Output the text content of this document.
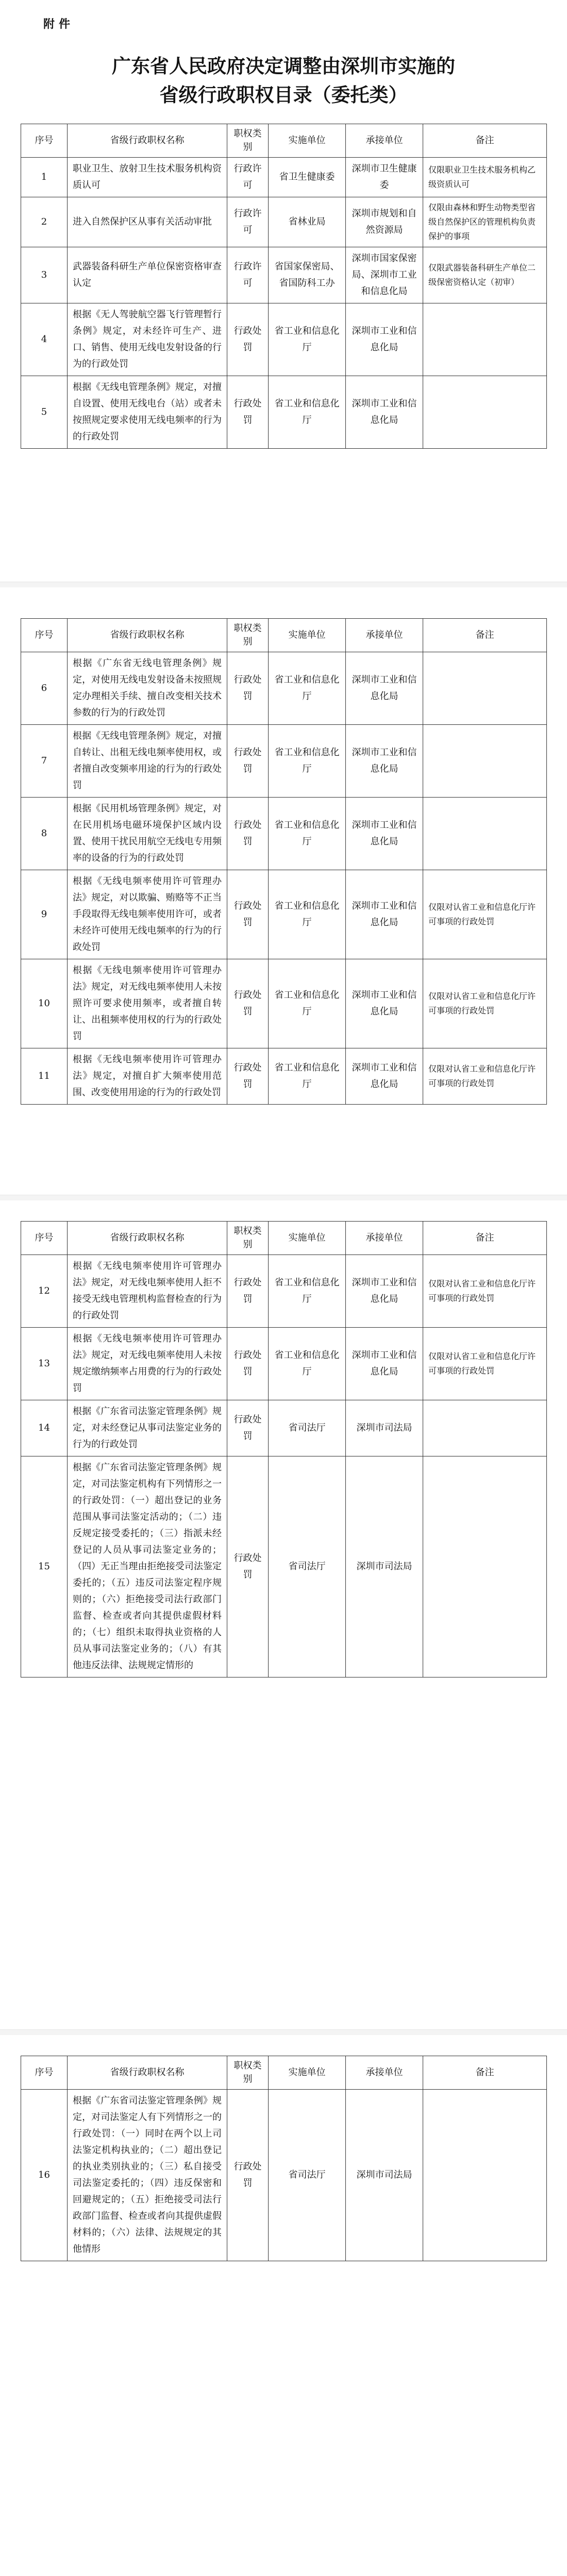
附件
广东省人民政府决定调整由深圳市实施的
省级行政职权目录（委托类）
序号	省级行政职权名称	职权类别	实施单位	承接单位	备注
1	职业卫生、放射卫生技术服务机构资质认可	行政许可	省卫生健康委	深圳市卫生健康委	仅限职业卫生技术服务机构乙级资质认可
2	进入自然保护区从事有关活动审批	行政许可	省林业局	深圳市规划和自然资源局	仅限由森林和野生动物类型省级自然保护区的管理机构负责保护的事项
3	武器装备科研生产单位保密资格审查认定	行政许可	省国家保密局、省国防科工办	深圳市国家保密局、深圳市工业和信息化局	仅限武器装备科研生产单位二级保密资格认定（初审）
4	根据《无人驾驶航空器飞行管理暂行条例》规定，对未经许可生产、进口、销售、使用无线电发射设备的行为的行政处罚	行政处罚	省工业和信息化厅	深圳市工业和信息化局	
5	根据《无线电管理条例》规定，对擅自设置、使用无线电台（站）或者未按照规定要求使用无线电频率的行为的行政处罚	行政处罚	省工业和信息化厅	深圳市工业和信息化局	
序号	省级行政职权名称	职权类别	实施单位	承接单位	备注
6	根据《广东省无线电管理条例》规定，对使用无线电发射设备未按照规定办理相关手续、擅自改变相关技术参数的行为的行政处罚	行政处罚	省工业和信息化厅	深圳市工业和信息化局	
7	根据《无线电管理条例》规定，对擅自转让、出租无线电频率使用权，或者擅自改变频率用途的行为的行政处罚	行政处罚	省工业和信息化厅	深圳市工业和信息化局	
8	根据《民用机场管理条例》规定，对在民用机场电磁环境保护区域内设置、使用干扰民用航空无线电专用频率的设备的行为的行政处罚	行政处罚	省工业和信息化厅	深圳市工业和信息化局	
9	根据《无线电频率使用许可管理办法》规定，对以欺骗、贿赂等不正当手段取得无线电频率使用许可，或者未经许可使用无线电频率的行为的行政处罚	行政处罚	省工业和信息化厅	深圳市工业和信息化局	仅限对认省工业和信息化厅许可事项的行政处罚
10	根据《无线电频率使用许可管理办法》规定，对无线电频率使用人未按照许可要求使用频率，或者擅自转让、出租频率使用权的行为的行政处罚	行政处罚	省工业和信息化厅	深圳市工业和信息化局	仅限对认省工业和信息化厅许可事项的行政处罚
11	根据《无线电频率使用许可管理办法》规定，对擅自扩大频率使用范围、改变使用用途的行为的行政处罚	行政处罚	省工业和信息化厅	深圳市工业和信息化局	仅限对认省工业和信息化厅许可事项的行政处罚
序号	省级行政职权名称	职权类别	实施单位	承接单位	备注
12	根据《无线电频率使用许可管理办法》规定，对无线电频率使用人拒不接受无线电管理机构监督检查的行为的行政处罚	行政处罚	省工业和信息化厅	深圳市工业和信息化局	仅限对认省工业和信息化厅许可事项的行政处罚
13	根据《无线电频率使用许可管理办法》规定，对无线电频率使用人未按规定缴纳频率占用费的行为的行政处罚	行政处罚	省工业和信息化厅	深圳市工业和信息化局	仅限对认省工业和信息化厅许可事项的行政处罚
14	根据《广东省司法鉴定管理条例》规定，对未经登记从事司法鉴定业务的行为的行政处罚	行政处罚	省司法厅	深圳市司法局	
15	根据《广东省司法鉴定管理条例》规定，对司法鉴定机构有下列情形之一的行政处罚：（一）超出登记的业务范围从事司法鉴定活动的；（二）违反规定接受委托的；（三）指派未经登记的人员从事司法鉴定业务的；（四）无正当理由拒绝接受司法鉴定委托的；（五）违反司法鉴定程序规则的；（六）拒绝接受司法行政部门监督、检查或者向其提供虚假材料的；（七）组织未取得执业资格的人员从事司法鉴定业务的；（八）有其他违反法律、法规规定情形的	行政处罚	省司法厅	深圳市司法局	
序号	省级行政职权名称	职权类别	实施单位	承接单位	备注
16	根据《广东省司法鉴定管理条例》规定，对司法鉴定人有下列情形之一的行政处罚：（一）同时在两个以上司法鉴定机构执业的；（二）超出登记的执业类别执业的；（三）私自接受司法鉴定委托的；（四）违反保密和回避规定的；（五）拒绝接受司法行政部门监督、检查或者向其提供虚假材料的；（六）法律、法规规定的其他情形	行政处罚	省司法厅	深圳市司法局	
